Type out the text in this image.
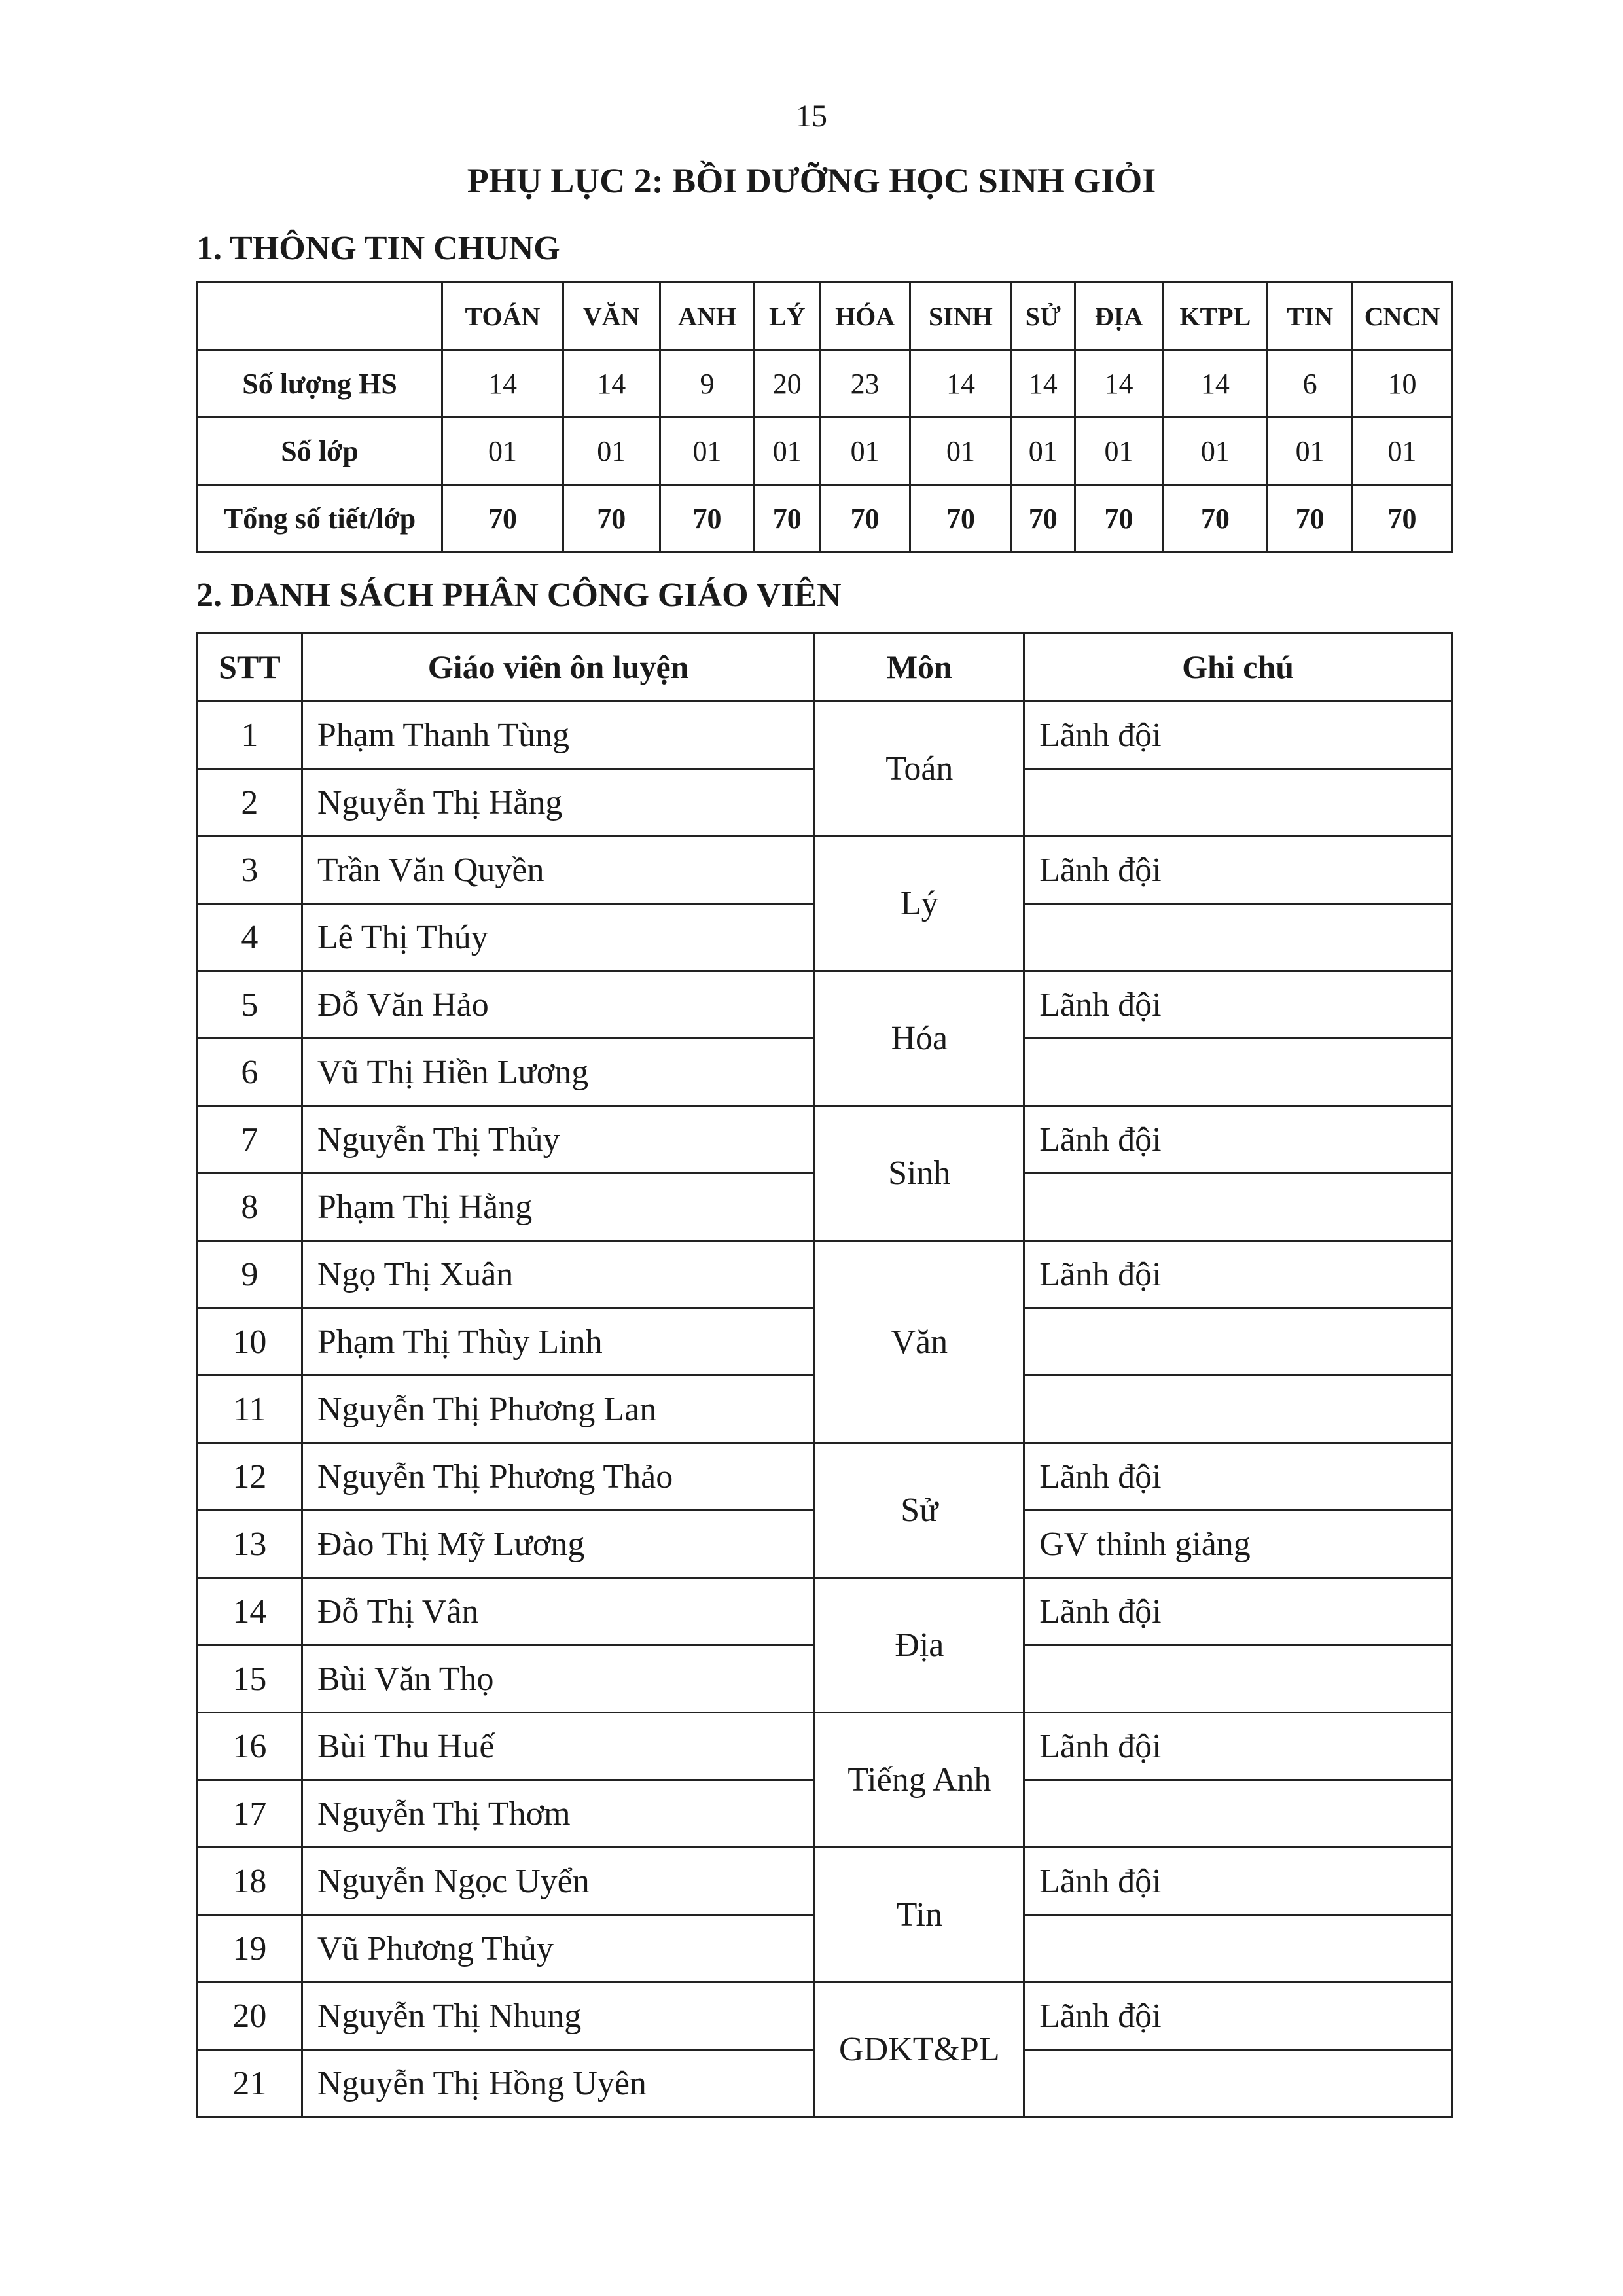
15
PHỤ LỤC 2: BỒI DƯỠNG HỌC SINH GIỎI
1. THÔNG TIN CHUNG
	TOÁN	VĂN	ANH	LÝ	HÓA	SINH	SỬ	ĐỊA	KTPL	TIN	CNCN
Số lượng HS	14	14	9	20	23	14	14	14	14	6	10
Số lớp	01	01	01	01	01	01	01	01	01	01	01
Tổng số tiết/lớp	70	70	70	70	70	70	70	70	70	70	70
2. DANH SÁCH PHÂN CÔNG GIÁO VIÊN
STT	Giáo viên ôn luyện	Môn	Ghi chú
1	Phạm Thanh Tùng	Toán	Lãnh đội
2	Nguyễn Thị Hằng		
3	Trần Văn Quyền	Lý	Lãnh đội
4	Lê Thị Thúy		
5	Đỗ Văn Hảo	Hóa	Lãnh đội
6	Vũ Thị Hiền Lương		
7	Nguyễn Thị Thủy	Sinh	Lãnh đội
8	Phạm Thị Hằng		
9	Ngọ Thị Xuân	Văn	Lãnh đội
10	Phạm Thị Thùy Linh		
11	Nguyễn Thị Phương Lan		
12	Nguyễn Thị Phương Thảo	Sử	Lãnh đội
13	Đào Thị Mỹ Lương		GV thỉnh giảng
14	Đỗ Thị Vân	Địa	Lãnh đội
15	Bùi Văn Thọ		
16	Bùi Thu Huế	Tiếng Anh	Lãnh đội
17	Nguyễn Thị Thơm		
18	Nguyễn Ngọc Uyển	Tin	Lãnh đội
19	Vũ Phương Thủy		
20	Nguyễn Thị Nhung	GDKT&PL	Lãnh đội
21	Nguyễn Thị Hồng Uyên		
